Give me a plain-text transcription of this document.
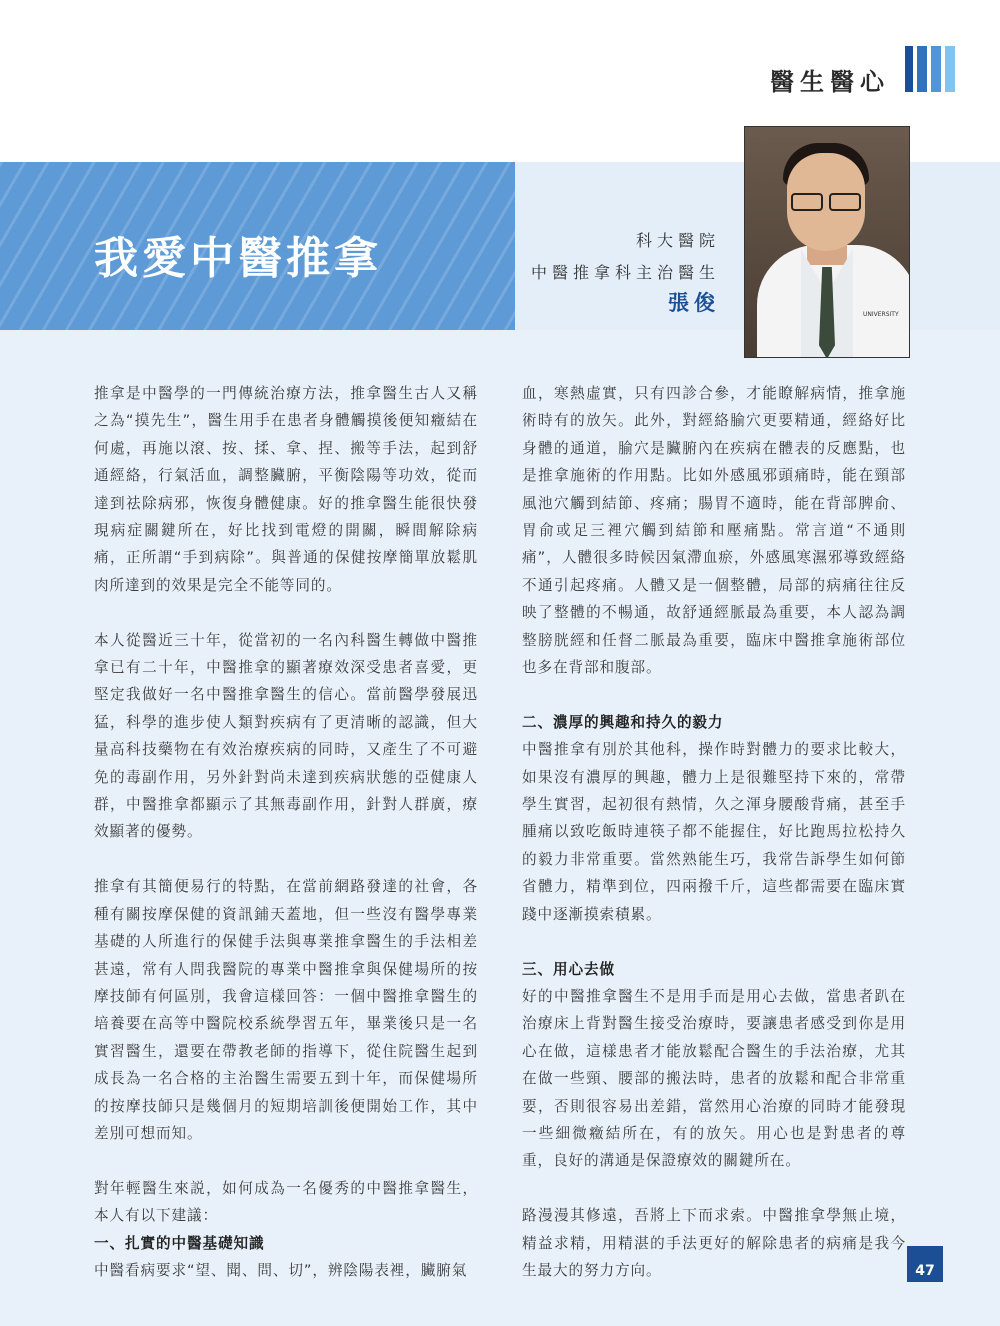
醫生醫心
我愛中醫推拿	科大醫院
中醫推拿科主治醫生
張俊	UNIVERSITY

推拿是中醫學的一門傳統治療方法，推拿醫生古人又稱之為“摸先生”，醫生用手在患者身體觸摸後便知癥結在何處，再施以滾、按、揉、拿、捏、搬等手法，起到舒通經絡，行氣活血，調整臟腑，平衡陰陽等功效，從而達到祛除病邪，恢復身體健康。好的推拿醫生能很快發現病症關鍵所在，好比找到電燈的開關，瞬間解除病痛，正所謂“手到病除”。與普通的保健按摩簡單放鬆肌肉所達到的效果是完全不能等同的。

本人從醫近三十年，從當初的一名內科醫生轉做中醫推拿已有二十年，中醫推拿的顯著療效深受患者喜愛，更堅定我做好一名中醫推拿醫生的信心。當前醫學發展迅猛，科學的進步使人類對疾病有了更清晰的認識，但大量高科技藥物在有效治療疾病的同時，又產生了不可避免的毒副作用，另外針對尚未達到疾病狀態的亞健康人群，中醫推拿都顯示了其無毒副作用，針對人群廣，療效顯著的優勢。

推拿有其簡便易行的特點，在當前網路發達的社會，各種有關按摩保健的資訊鋪天蓋地，但一些沒有醫學專業基礎的人所進行的保健手法與專業推拿醫生的手法相差甚遠，常有人問我醫院的專業中醫推拿與保健場所的按摩技師有何區別，我會這樣回答：一個中醫推拿醫生的培養要在高等中醫院校系統學習五年，畢業後只是一名實習醫生，還要在帶教老師的指導下，從住院醫生起到成長為一名合格的主治醫生需要五到十年，而保健場所的按摩技師只是幾個月的短期培訓後便開始工作，其中差別可想而知。

對年輕醫生來説，如何成為一名優秀的中醫推拿醫生，本人有以下建議：

一、扎實的中醫基礎知識

中醫看病要求“望、聞、問、切”，辨陰陽表裡，臟腑氣

血，寒熱虛實，只有四診合參，才能瞭解病情，推拿施術時有的放矢。此外，對經絡腧穴更要精通，經絡好比身體的通道，腧穴是臟腑內在疾病在體表的反應點，也是推拿施術的作用點。比如外感風邪頭痛時，能在頸部風池穴觸到結節、疼痛；腸胃不適時，能在背部脾俞、胃俞或足三裡穴觸到結節和壓痛點。常言道“不通則痛”，人體很多時候因氣滯血瘀，外感風寒濕邪導致經絡不通引起疼痛。人體又是一個整體，局部的病痛往往反映了整體的不暢通，故舒通經脈最為重要，本人認為調整膀胱經和任督二脈最為重要，臨床中醫推拿施術部位也多在背部和腹部。

二、濃厚的興趣和持久的毅力

中醫推拿有別於其他科，操作時對體力的要求比較大，如果沒有濃厚的興趣，體力上是很難堅持下來的，常帶學生實習，起初很有熱情，久之渾身腰酸背痛，甚至手腫痛以致吃飯時連筷子都不能握住，好比跑馬拉松持久的毅力非常重要。當然熟能生巧，我常告訴學生如何節省體力，精準到位，四兩撥千斤，這些都需要在臨床實踐中逐漸摸索積累。

三、用心去做

好的中醫推拿醫生不是用手而是用心去做，當患者趴在治療床上背對醫生接受治療時，要讓患者感受到你是用心在做，這樣患者才能放鬆配合醫生的手法治療，尤其在做一些頸、腰部的搬法時，患者的放鬆和配合非常重要，否則很容易出差錯，當然用心治療的同時才能發現一些細微癥結所在，有的放矢。用心也是對患者的尊重，良好的溝通是保證療效的關鍵所在。

路漫漫其修遠，吾將上下而求索。中醫推拿學無止境，精益求精，用精湛的手法更好的解除患者的病痛是我今生最大的努力方向。	47
